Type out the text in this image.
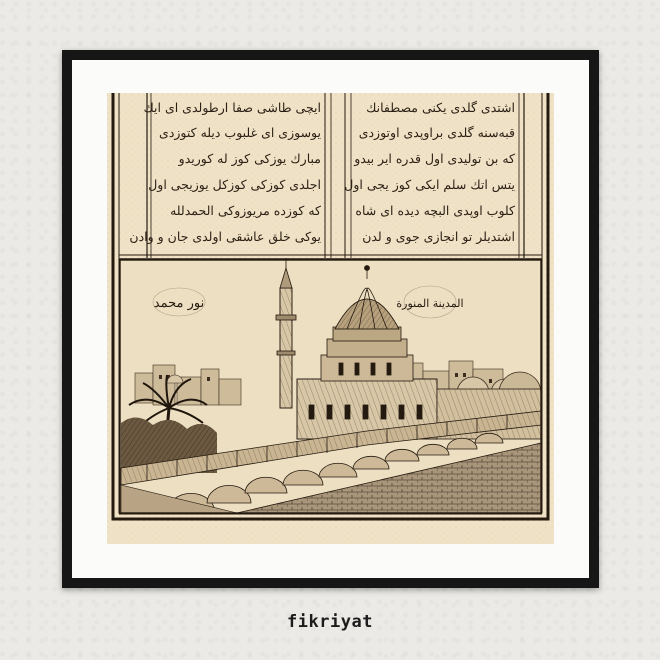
ایچی طاشی صفا ارطولدی ای ایك
یوسوزی ای غلبوب دیله کتوزدی
مبارك یوزکی کوز له کوریدو
اجلدی کوزکی کوزکل یوزیجی اول
که کوزده مریوزوکی الحمدلله
یوکی خلق عاشقی اولدی جان و وادن
اشتدی گلدی یکنی مصطفانك
قبه‌سنه گلدی براوپدی اوتوزدی
كه بن تولیدی اول قدره ایر بیدو
یتس اتك سلم ایکی كوز یجی اول
کلوب اوپدی البچه دیده ای شاه
اشتدیلر تو انجازی جوی و لدن
نور محمد	المدینة المنورة
fikriyat
